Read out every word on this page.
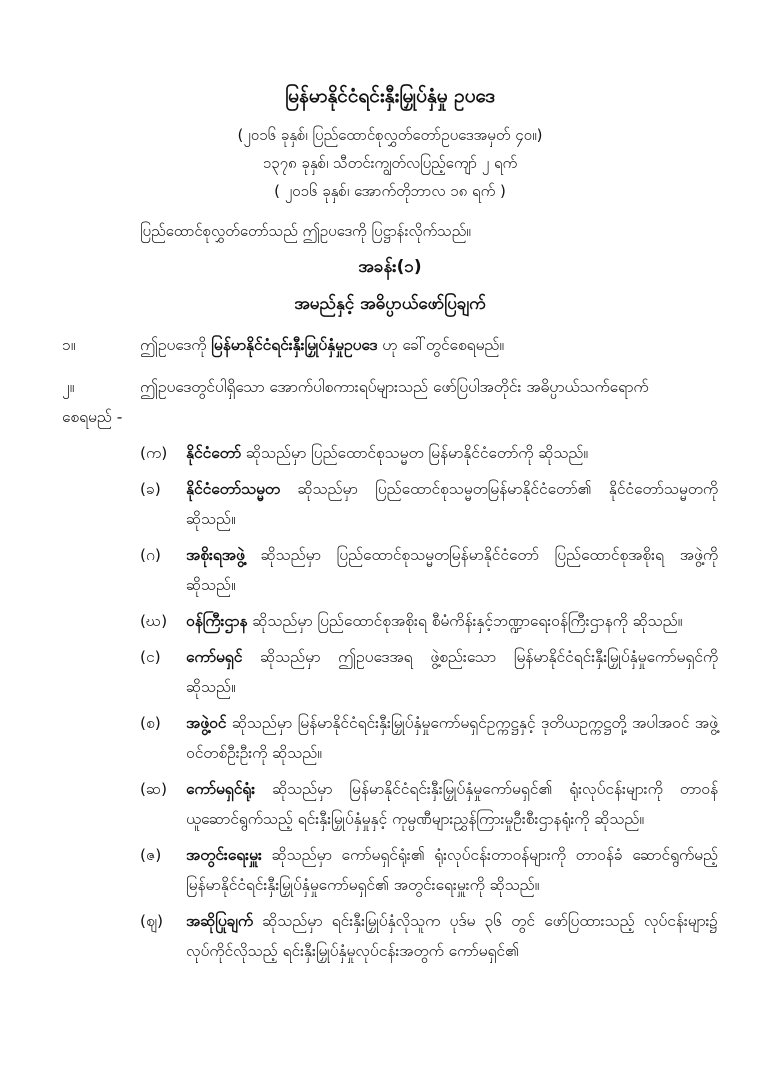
မြန်မာနိုင်ငံရင်းနှီးမြှုပ်နှံမှု ဥပဒေ
(၂၀၁၆ ခုနှစ်၊ ပြည်ထောင်စုလွှတ်တော်ဥပဒေအမှတ် ၄၀။)
၁၃၇၈ ခုနှစ်၊ သီတင်းကျွတ်လပြည့်ကျော် ၂ ရက်
( ၂၀၁၆ ခုနှစ်၊ အောက်တိုဘာလ ၁၈ ရက် )
ပြည်ထောင်စုလွှတ်တော်သည် ဤဥပဒေကို ပြဋ္ဌာန်းလိုက်သည်။
အခန်း(၁)
အမည်နှင့် အဓိပ္ပာယ်ဖော်ပြချက်
၁။	ဤဥပဒေကို မြန်မာနိုင်ငံရင်းနှီးမြှုပ်နှံမှုဥပဒေ ဟု ခေါ်တွင်စေရမည်။
၂။	ဤဥပဒေတွင်ပါရှိသော အောက်ပါစကားရပ်များသည် ဖော်ပြပါအတိုင်း အဓိပ္ပာယ်သက်ရောက်
စေရမည် -
(က)	နိုင်ငံတော် ဆိုသည်မှာ ပြည်ထောင်စုသမ္မတ မြန်မာနိုင်ငံတော်ကို ဆိုသည်။
(ခ)	နိုင်ငံတော်သမ္မတ ဆိုသည်မှာ ပြည်ထောင်စုသမ္မတမြန်မာနိုင်ငံတော်၏ နိုင်ငံတော်သမ္မတကို ဆိုသည်။
(ဂ)	အစိုးရအဖွဲ့ ဆိုသည်မှာ ပြည်ထောင်စုသမ္မတမြန်မာနိုင်ငံတော် ပြည်ထောင်စုအစိုးရ အဖွဲ့ကို ဆိုသည်။
(ဃ)	ဝန်ကြီးဌာန ဆိုသည်မှာ ပြည်ထောင်စုအစိုးရ စီမံကိန်းနှင့်ဘဏ္ဍာရေးဝန်ကြီးဌာနကို ဆိုသည်။
(င)	ကော်မရှင် ဆိုသည်မှာ ဤဥပဒေအရ ဖွဲ့စည်းသော မြန်မာနိုင်ငံရင်းနှီးမြှုပ်နှံမှုကော်မရှင်ကို ဆိုသည်။
(စ)	အဖွဲ့ဝင် ဆိုသည်မှာ မြန်မာနိုင်ငံရင်းနှီးမြှုပ်နှံမှုကော်မရှင်ဥက္ကဋ္ဌနှင့် ဒုတိယဥက္ကဋ္ဌတို့ အပါအဝင် အဖွဲ့ဝင်တစ်ဦးဦးကို ဆိုသည်။
(ဆ)	ကော်မရှင်ရုံး ဆိုသည်မှာ မြန်မာနိုင်ငံရင်းနှီးမြှုပ်နှံမှုကော်မရှင်၏ ရုံးလုပ်ငန်းများကို တာဝန်ယူဆောင်ရွက်သည့် ရင်းနှီးမြှုပ်နှံမှုနှင့် ကုမ္ပဏီများညွှန်ကြားမှုဦးစီးဌာနရုံးကို ဆိုသည်။
(ဇ)	အတွင်းရေးမှူး ဆိုသည်မှာ ကော်မရှင်ရုံး၏ ရုံးလုပ်ငန်းတာဝန်များကို တာဝန်ခံ ဆောင်ရွက်မည့် မြန်မာနိုင်ငံရင်းနှီးမြှုပ်နှံမှုကော်မရှင်၏ အတွင်းရေးမှူးကို ဆိုသည်။
(ဈ)	အဆိုပြုချက် ဆိုသည်မှာ ရင်းနှီးမြှုပ်နှံလိုသူက ပုဒ်မ ၃၆ တွင် ဖော်ပြထားသည့် လုပ်ငန်းများ၌ လုပ်ကိုင်လိုသည့် ရင်းနှီးမြှုပ်နှံမှုလုပ်ငန်းအတွက် ကော်မရှင်၏
